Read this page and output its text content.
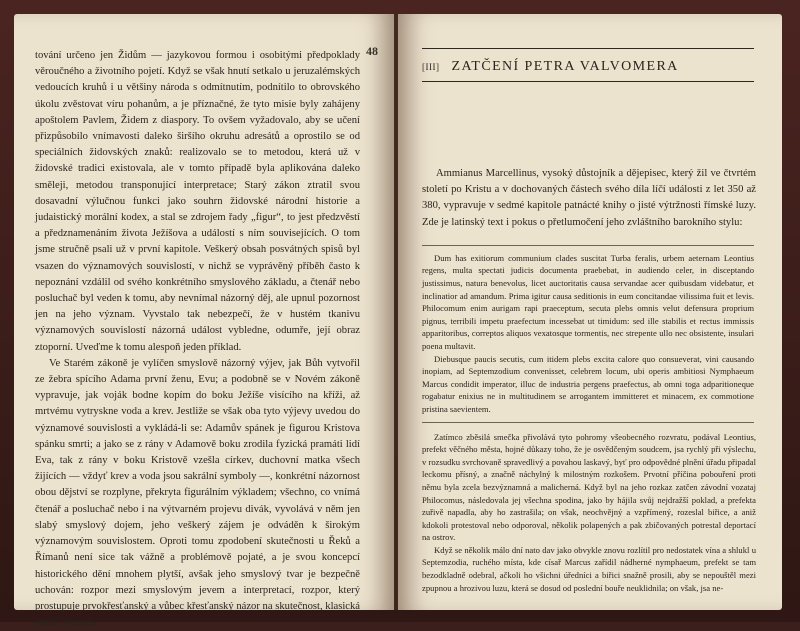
48

tování určeno jen Židům — jazykovou formou i osobitými předpoklady věroučného a životního pojetí. Když se však hnutí setkalo u jeruzalémských vedoucích kruhů i u většiny národa s odmítnutím, podnítilo to obrovského úkolu zvěstovat víru pohanům, a je příznačné, že tyto misie byly zahájeny apoštolem Pavlem, Židem z diaspory. To ovšem vyžadovalo, aby se učení přizpůsobilo vnímavosti daleko širšího okruhu adresátů a oprostilo se od speciálních židovských znaků: realizovalo se to metodou, která už v židovské tradici existovala, ale v tomto případě byla aplikována daleko směleji, metodou transponující interpretace; Starý zákon ztratil svou dosavadní výlučnou funkci jako souhrn židovské národní historie a judaistický morální kodex, a stal se zdrojem řady „figur“, to jest předzvěstí a předznamenáním života Ježíšova a událostí s ním souvisejících. O tom jsme stručně psali už v první kapitole. Veškerý obsah posvátných spisů byl vsazen do významových souvislostí, v nichž se vyprávěný příběh často k nepoznání vzdálil od svého konkrétního smyslového základu, a čtenář nebo posluchač byl veden k tomu, aby nevnímal názorný děj, ale upnul pozornost jen na jeho význam. Vyvstalo tak nebezpečí, že v hustém tkanivu významových souvislostí názorná událost vybledne, odumře, její obraz ztoporní. Uveďme k tomu alespoň jeden příklad.

Ve Starém zákoně je vylíčen smyslově názorný výjev, jak Bůh vytvořil ze žebra spícího Adama první ženu, Evu; a podobně se v Novém zákoně vypravuje, jak voják bodne kopím do boku Ježíše visícího na kříži, až mrtvému vytryskne voda a krev. Jestliže se však oba tyto výjevy uvedou do významové souvislosti a vykládá-li se: Adamův spánek je figurou Kristova spánku smrti; a jako se z rány v Adamově boku zrodila fyzická pramáti lidí Eva, tak z rány v boku Kristově vzešla církev, duchovní matka všech žijících — vždyť krev a voda jsou sakrální symboly —, konkrétní názornost obou dějství se rozplyne, překryta figurálním výkladem; všechno, co vnímá čtenář a posluchač nebo i na výtvarném projevu divák, vyvolává v něm jen slabý smyslový dojem, jeho veškerý zájem je odváděn k širokým významovým souvislostem. Oproti tomu zpodobení skutečnosti u Řeků a Římanů není sice tak vážně a problémově pojaté, a je svou koncepcí historického dění mnohem plytší, avšak jeho smyslový tvar je bezpečně uchován: rozpor mezi smyslovým jevem a interpretací, rozpor, který prostupuje prvokřesťanský a vůbec křesťanský názor na skutečnost, klasická antika neznala.

[III] ZATČENÍ PETRA VALVOMERA

Ammianus Marcellinus, vysoký důstojník a dějepisec, který žil ve čtvrtém století po Kristu a v dochovaných částech svého díla líčí události z let 350 až 380, vypravuje v sedmé kapitole patnácté knihy o jisté výtržnosti římské luzy. Zde je latinský text i pokus o přetlumočení jeho zvláštního barokního stylu:

Dum has exitiorum communium clades suscitat Turba feralis, urbem aeternam Leontius regens, multa spectati judicis documenta praebebat, in audiendo celer, in disceptando justissimus, natura benevolus, licet auctoritatis causa servandae acer quibusdam videbatur, et inclinatior ad amandum. Prima igitur causa seditionis in eum concitandae vilissima fuit et levis. Philocomum enim aurigam rapi praeceptum, secuta plebs omnis velut defensura proprium pignus, terribili impetu praefectum incessebat ut timidum: sed ille stabilis et rectus immissis apparitoribus, correptos aliquos vexatosque tormentis, nec strepente ullo nec obsistente, insulari poena multavit.

Diebusque paucis secutis, cum itidem plebs excita calore quo consueverat, vini causando inopiam, ad Septemzodium convenisset, celebrem locum, ubi operis ambitiosi Nymphaeum Marcus condidit imperator, illuc de industria pergens praefectus, ab omni toga adparitioneque rogabatur enixius ne in multitudinem se arrogantem immitteret et minacem, ex commotione pristina saevientem.

Zatímco zběsilá smečka přivolává tyto pohromy všeobecného rozvratu, podával Leontius, prefekt věčného města, hojné důkazy toho, že je osvědčeným soudcem, jsa rychlý při výslechu, v rozsudku svrchovaně spravedlivý a povahou laskavý, byť pro odpovědné plnění úřadu připadal leckomu přísný, a značně náchylný k milostným rozkošem. Prvotní příčina pobouření proti němu byla zcela bezvýznamná a malicherná. Když byl na jeho rozkaz zatčen závodní vozataj Philocomus, následovala jej všechna spodina, jako by hájila svůj nejdražší poklad, a prefekta zuřivě napadla, aby ho zastrašila; on však, neochvějný a vzpřímený, rozeslal biřice, a aniž kdokoli protestoval nebo odporoval, několik polapených a pak zbičovaných potrestal deportací na ostrov.

Když se několik málo dní nato dav jako obvykle znovu rozlítil pro nedostatek vína a shlukl u Septemzodia, ruchého místa, kde císař Marcus zařídil nádherné nymphaeum, prefekt se tam bezodkladně odebral, ačkoli ho všichni úředníci a biřici snažně prosili, aby se nepouštěl mezi zpupnou a hrozivou luzu, která se dosud od poslední bouře neuklidnila; on však, jsa ne-
